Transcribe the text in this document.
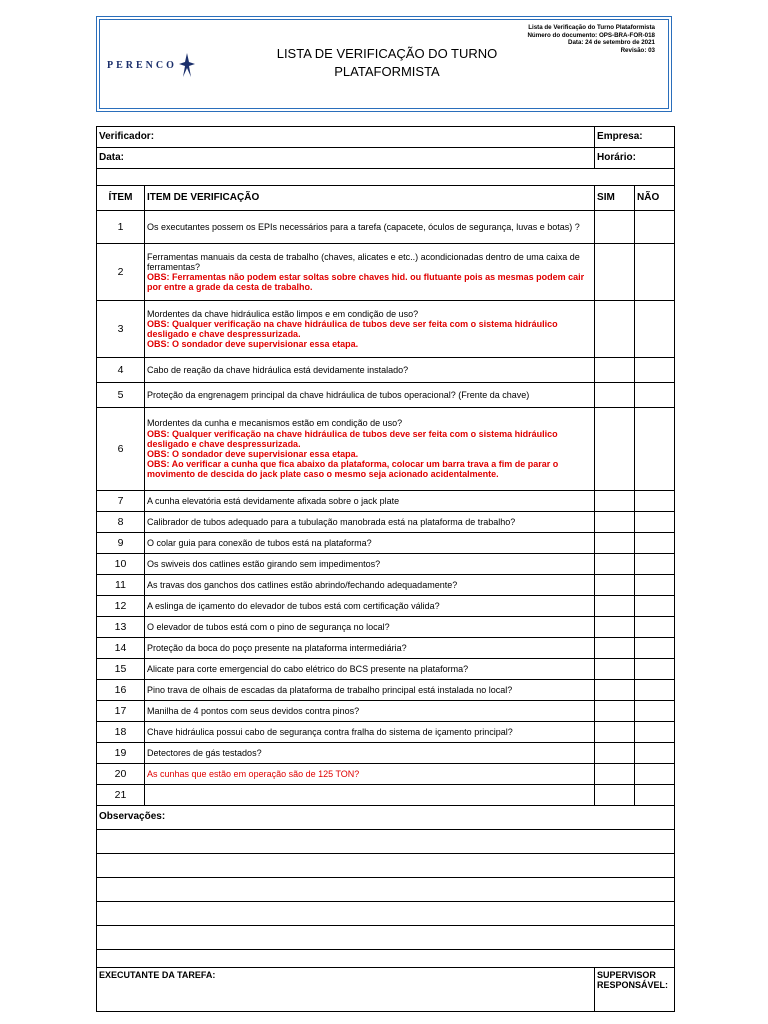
PERENCO
LISTA DE VERIFICAÇÃO DO TURNO
PLATAFORMISTA
Lista de Verificação do Turno Plataformista
Número do documento: OPS-BRA-FOR-018
Data: 24 de setembro de 2021
Revisão: 03
Verificador:		Empresa:	
Data:		Horário:	

ÍTEM	ITEM DE VERIFICAÇÃO	SIM	NÃO
1	Os executantes possem os EPIs necessários para a tarefa (capacete, óculos de segurança, luvas e botas) ?		

2	Ferramentas manuais da cesta de trabalho (chaves, alicates e etc..) acondicionadas dentro de uma caixa de ferramentas?
OBS: Ferramentas não podem estar soltas sobre chaves hid. ou flutuante pois as mesmas podem cair por entre a grade da cesta de trabalho.		

3	Mordentes da chave hidráulica estão limpos e em condição de uso?
OBS: Qualquer verificação na chave hidráulica de tubos deve ser feita com o sistema hidráulico desligado e chave despressurizada.
OBS: O sondador deve supervisionar essa etapa.		

4	Cabo de reação da chave hidráulica está devidamente instalado?		

5	Proteção da engrenagem principal da chave hidráulica de tubos operacional? (Frente da chave)		

6	Mordentes da cunha e mecanismos estão em condição de uso?
OBS: Qualquer verificação na chave hidráulica de tubos deve ser feita com o sistema hidráulico desligado e chave despressurizada.
OBS: O sondador deve supervisionar essa etapa.
OBS: Ao verificar a cunha que fica abaixo da plataforma, colocar um barra trava a fim de parar o movimento de descida do jack plate caso o mesmo seja acionado acidentalmente.		

7	A cunha elevatória está devidamente afixada sobre o jack plate		

8	Calibrador de tubos adequado para a tubulação manobrada está na plataforma de trabalho?		

9	O colar guia para conexão de tubos está na plataforma?		

10	Os swiveis dos catlines estão girando sem impedimentos?		

11	As travas dos ganchos dos catlines estão abrindo/fechando adequadamente?		

12	A eslinga de içamento do elevador de tubos está com certificação válida?		

13	O elevador de tubos está com o pino de segurança no local?		

14	Proteção da boca do poço presente na plataforma intermediária?		

15	Alicate para corte emergencial do cabo elétrico do BCS presente na plataforma?		

16	Pino trava de olhais de escadas da plataforma de trabalho principal está instalada no local?		

17	Manilha de 4 pontos com seus devidos contra pinos?		

18	Chave hidráulica possui cabo de segurança contra fralha do sistema de içamento principal?		

19	Detectores de gás testados?		

20	As cunhas que estão em operação são de 125 TON?		

21	

Observações:			

EXECUTANTE DA TAREFA:		SUPERVISOR RESPONSÁVEL:	
